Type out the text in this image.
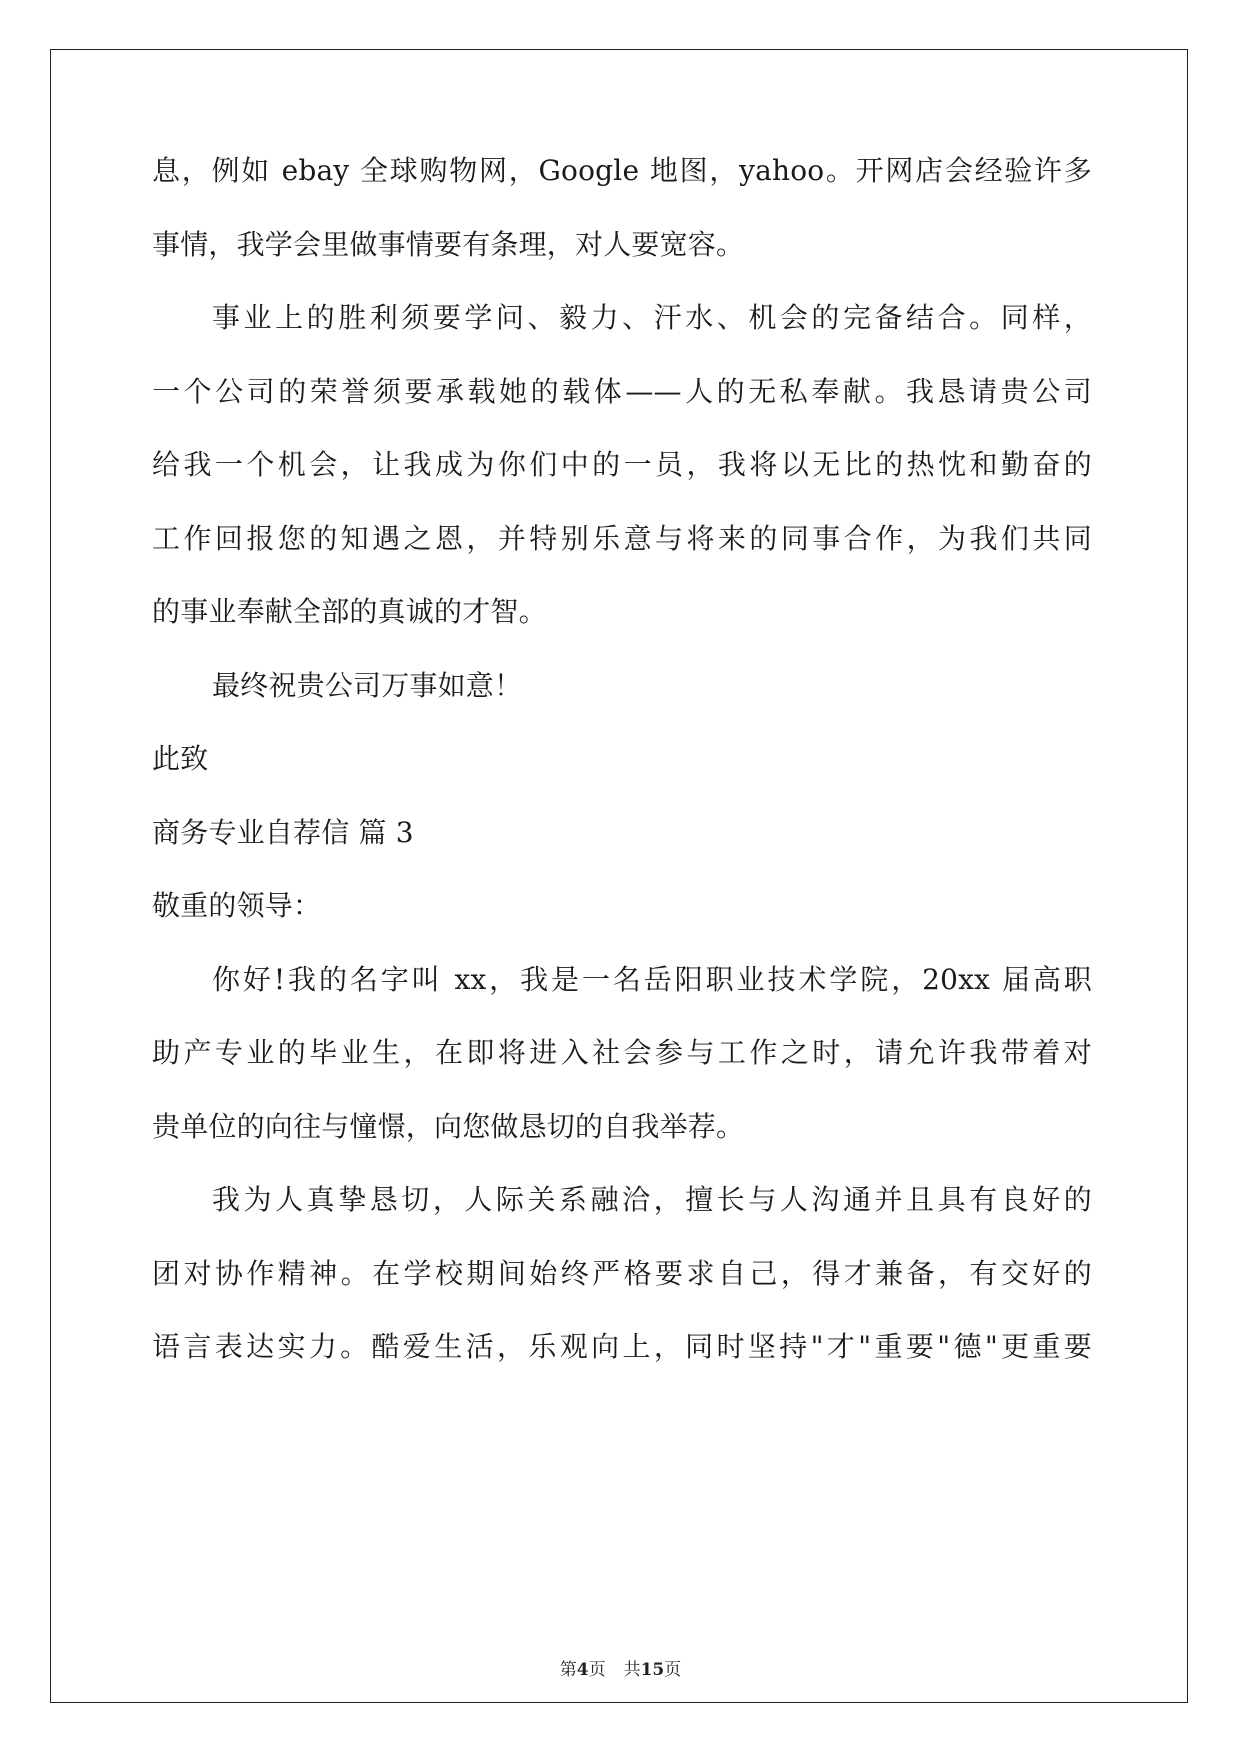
息，例如 ebay 全球购物网，Google 地图，yahoo。开网店会经验许多
事情，我学会里做事情要有条理，对人要宽容。
事业上的胜利须要学问、毅力、汗水、机会的完备结合。同样，
一个公司的荣誉须要承载她的载体——人的无私奉献。我恳请贵公司
给我一个机会，让我成为你们中的一员，我将以无比的热忱和勤奋的
工作回报您的知遇之恩，并特别乐意与将来的同事合作，为我们共同
的事业奉献全部的真诚的才智。
最终祝贵公司万事如意！
此致
商务专业自荐信 篇 3
敬重的领导：
你好!我的名字叫 xx，我是一名岳阳职业技术学院，20xx 届高职
助产专业的毕业生，在即将进入社会参与工作之时，请允许我带着对
贵单位的向往与憧憬，向您做恳切的自我举荐。
我为人真挚恳切，人际关系融洽，擅长与人沟通并且具有良好的
团对协作精神。在学校期间始终严格要求自己，得才兼备，有交好的
语言表达实力。酷爱生活，乐观向上，同时坚持"才"重要"德"更重要
第4页 共15页
